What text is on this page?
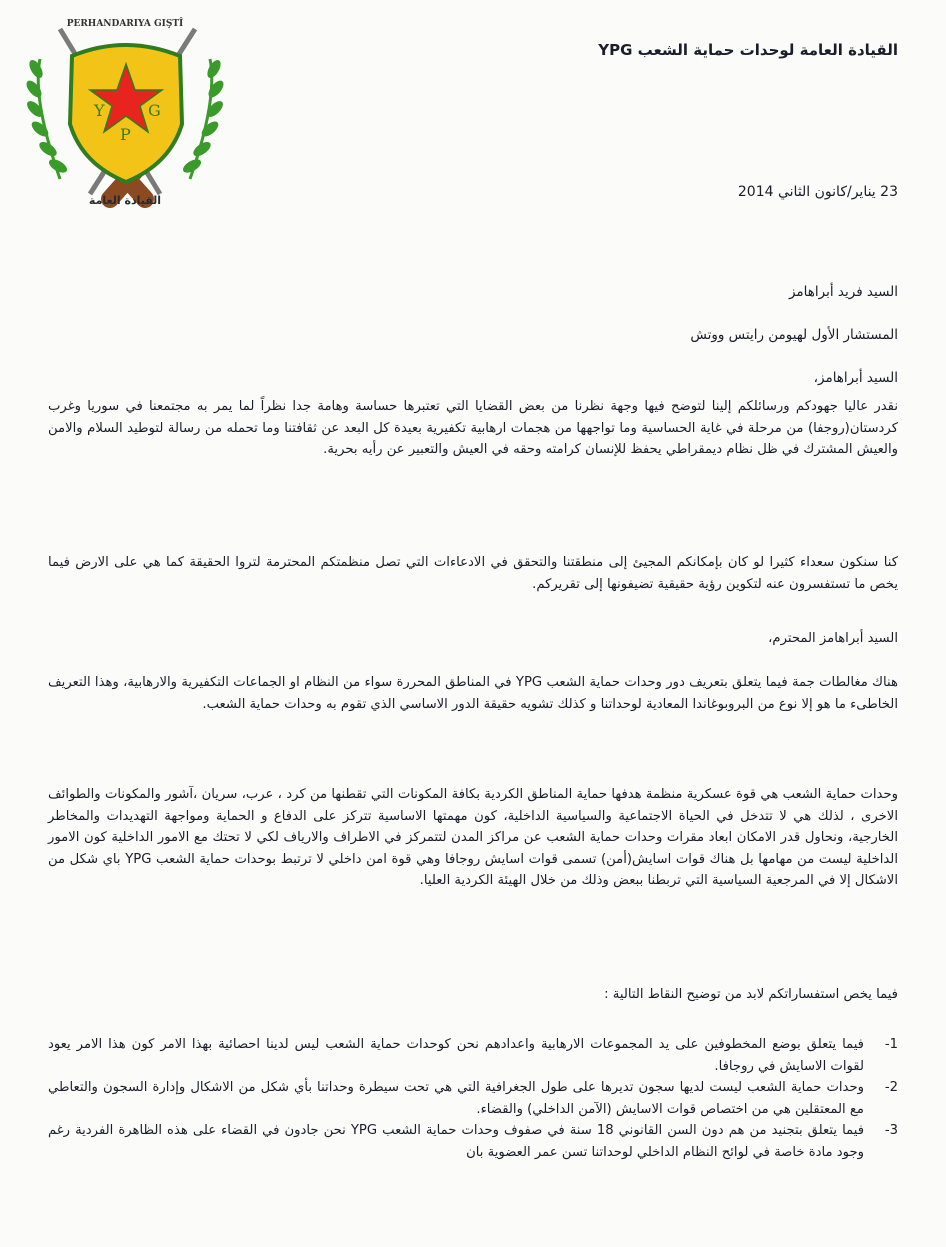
Y
P
G
PERHANDARIYA GIŞTÎ
القيادة العامة
القيادة العامة لوحدات حماية الشعب YPG
23 يناير/كانون الثاني 2014
السيد فريد أبراهامز
المستشار الأول لهيومن رايتس ووتش
السيد أبراهامز،

نقدر عاليا جهودكم ورسائلكم إلينا لتوضح فيها وجهة نظرنا من بعض القضايا التي تعتبرها حساسة وهامة جدا نظراً لما يمر به مجتمعنا في سوريا وغرب كردستان(روجفا) من مرحلة في غاية الحساسية وما تواجهها من هجمات ارهابية تكفيرية بعيدة كل البعد عن ثقافتنا وما تحمله من رسالة لتوطيد السلام والامن والعيش المشترك في ظل نظام ديمقراطي يحفظ للإنسان كرامته وحقه في العيش والتعبير عن رأيه بحرية.

كنا سنكون سعداء كثيرا لو كان بإمكانكم المجيئ إلى منطقتنا والتحقق في الادعاءات التي تصل منظمتكم المحترمة لتروا الحقيقة كما هي على الارض فيما يخص ما تستفسرون عنه لتكوين رؤية حقيقية تضيفونها إلى تقريركم.

السيد أبراهامز المحترم،

هناك مغالطات جمة فيما يتعلق بتعريف دور وحدات حماية الشعب YPG في المناطق المحررة سواء من النظام او الجماعات التكفيرية والارهابية، وهذا التعريف الخاطىء ما هو إلا نوع من البروبوغاندا المعادية لوحداتنا و كذلك تشويه حقيقة الدور الاساسي الذي تقوم به وحدات حماية الشعب.

وحدات حماية الشعب هي قوة عسكرية منظمة هدفها حماية المناطق الكردية بكافة المكونات التي تقطنها من كرد ، عرب، سريان ،آشور والمكونات والطوائف الاخرى ، لذلك هي لا تتدخل في الحياة الاجتماعية والسياسية الداخلية، كون مهمتها الاساسية تتركز على الدفاع و الحماية ومواجهة التهديدات والمخاطر الخارجية، ونحاول قدر الامكان ابعاد مقرات وحدات حماية الشعب عن مراكز المدن لتتمركز في الاطراف والارياف لكي لا تحتك مع الامور الداخلية كون الامور الداخلية ليست من مهامها بل هناك قوات اسايش(أمن) تسمى قوات اسايش روجافا وهي قوة امن داخلي لا ترتبط بوحدات حماية الشعب YPG باي شكل من الاشكال إلا في المرجعية السياسية التي تربطنا ببعض وذلك من خلال الهيئة الكردية العليا.

فيما يخص استفساراتكم لابد من توضيح النقاط التالية :

1-
فيما يتعلق بوضع المخطوفين على يد المجموعات الارهابية واعدادهم نحن كوحدات حماية الشعب ليس لدينا احصائية بهذا الامر كون هذا الامر يعود لقوات الاسايش في روجافا.
2-
وحدات حماية الشعب ليست لديها سجون تديرها على طول الجغرافية التي هي تحت سيطرة وحداتنا بأي شكل من الاشكال وإدارة السجون والتعاطي مع المعتقلين هي من اختصاص قوات الاسايش (الآمن الداخلي) والقضاء.
3-
فيما يتعلق بتجنيد من هم دون السن القانوني 18 سنة في صفوف وحدات حماية الشعب YPG نحن جادون في القضاء على هذه الظاهرة الفردية رغم وجود مادة خاصة في لوائح النظام الداخلي لوحداتنا تسن عمر العضوية بان
